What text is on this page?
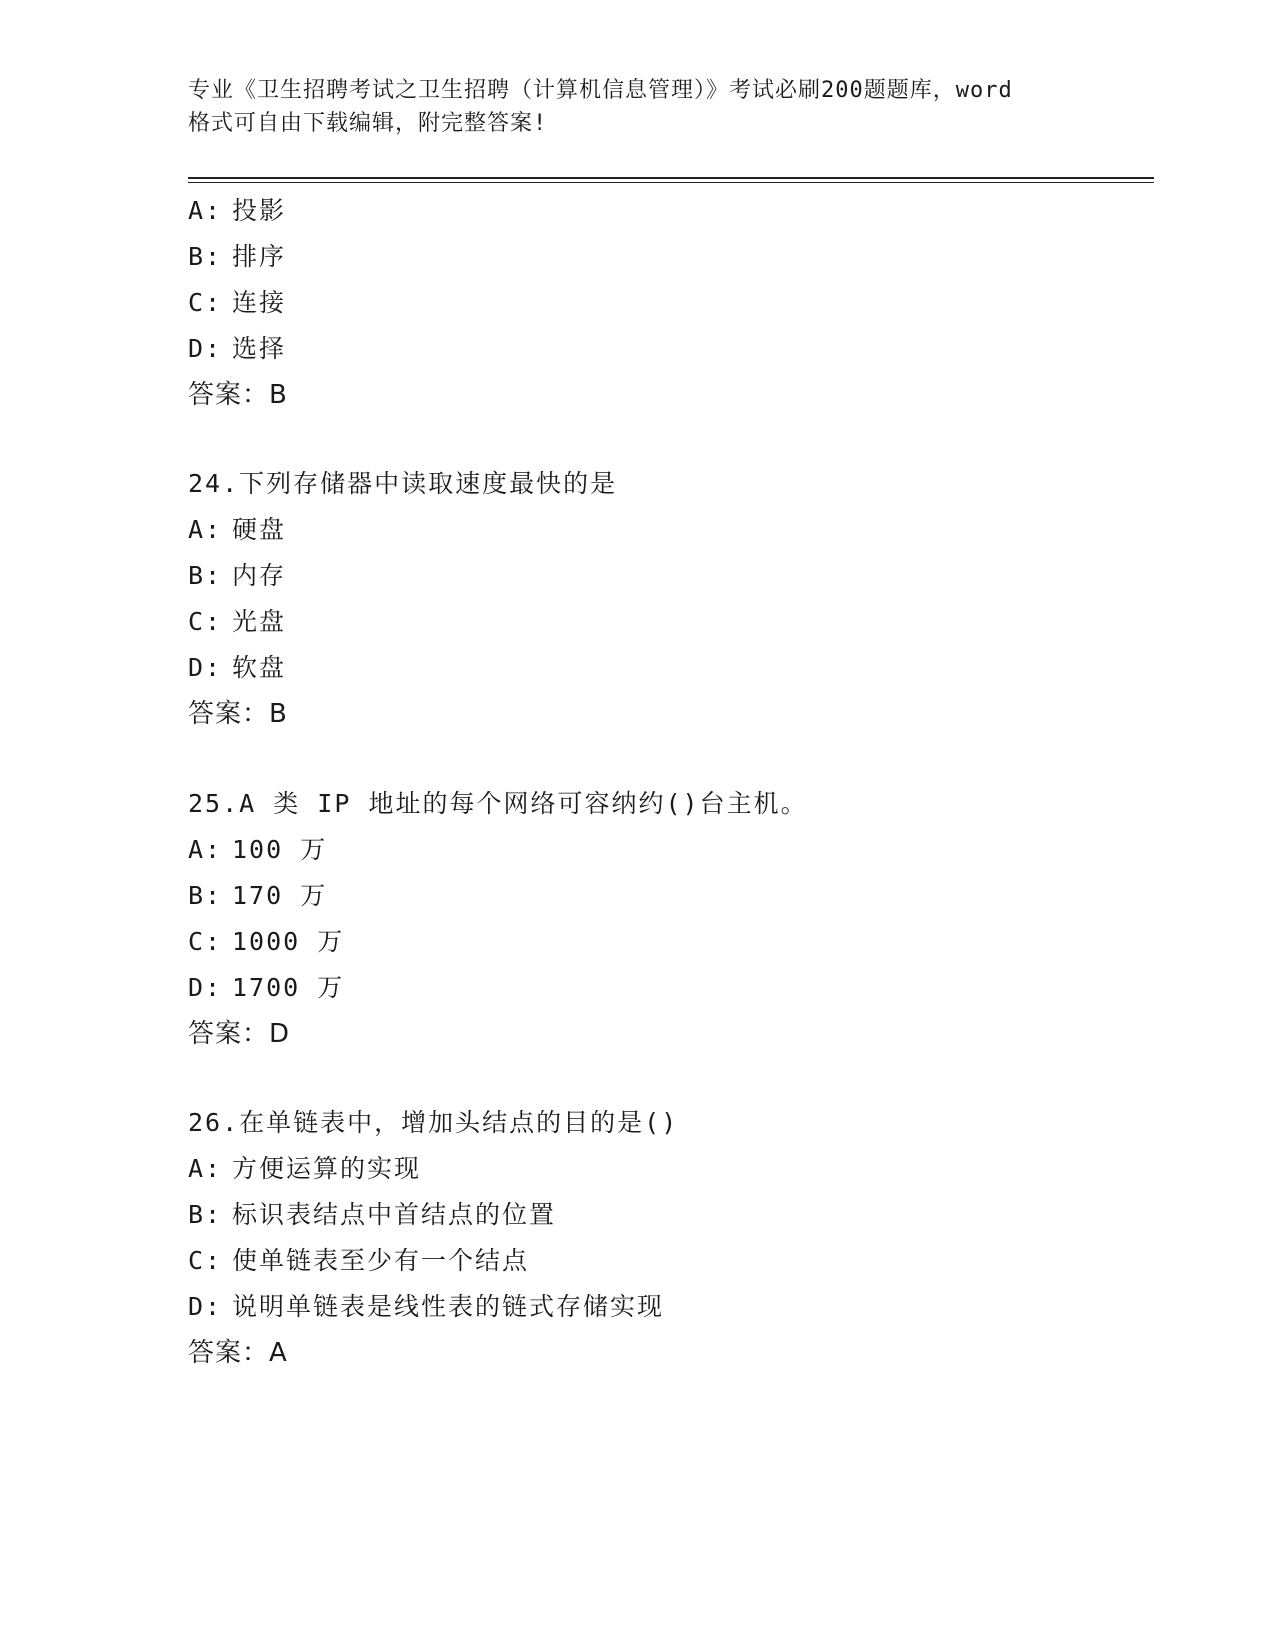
专业《卫生招聘考试之卫生招聘（计算机信息管理）》考试必刷200题题库，word

格式可自由下载编辑，附完整答案!

A: 投影
B: 排序
C: 连接
D: 选择
答案：B
24.下列存储器中读取速度最快的是
A: 硬盘
B: 内存
C: 光盘
D: 软盘
答案：B
25.A 类 IP 地址的每个网络可容纳约()台主机。
A: 100 万
B: 170 万
C: 1000 万
D: 1700 万
答案：D
26.在单链表中，增加头结点的目的是()
A: 方便运算的实现
B: 标识表结点中首结点的位置
C: 使单链表至少有一个结点
D: 说明单链表是线性表的链式存储实现
答案：A
